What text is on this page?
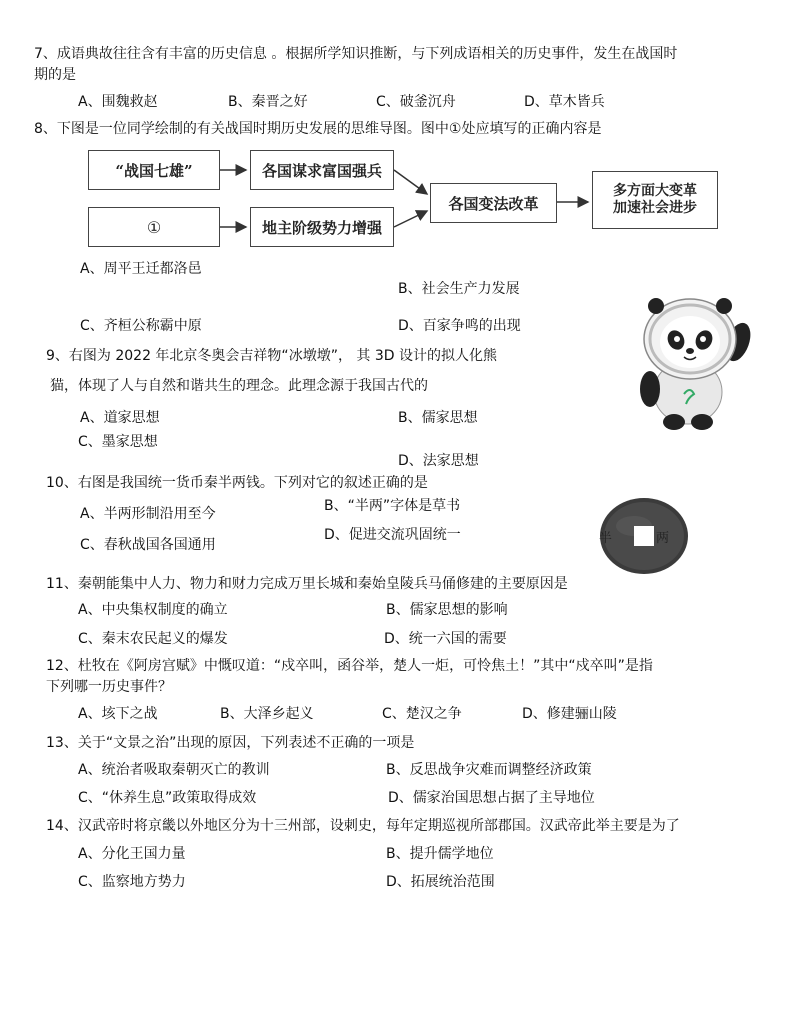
7、成语典故往往含有丰富的历史信息 。根据所学知识推断，与下列成语相关的历史事件，发生在战国时
期的是
A、围魏救赵	B、秦晋之好	C、破釜沉舟	D、草木皆兵
8、下图是一位同学绘制的有关战国时期历史发展的思维导图。图中①处应填写的正确内容是
“战国七雄”
①
各国谋求富国强兵
地主阶级势力增强
各国变法改革
多方面大变革
加速社会进步
A、周平王迁都洛邑
B、社会生产力发展
C、齐桓公称霸中原	D、百家争鸣的出现
9、右图为 2022 年北京冬奥会吉祥物“冰墩墩”， 其 3D 设计的拟人化熊
猫，体现了人与自然和谐共生的理念。此理念源于我国古代的
A、道家思想	B、儒家思想
C、墨家思想
D、法家思想
10、右图是我国统一货币秦半两钱。下列对它的叙述正确的是
B、“半两”字体是草书
A、半两形制沿用至今
D、促进交流巩固统一
C、春秋战国各国通用	半 两
11、秦朝能集中人力、物力和财力完成万里长城和秦始皇陵兵马俑修建的主要原因是
A、中央集权制度的确立	B、儒家思想的影响
C、秦末农民起义的爆发	D、统一六国的需要
12、杜牧在《阿房宫赋》中慨叹道：“戍卒叫，函谷举，楚人一炬，可怜焦土！”其中“戍卒叫”是指
下列哪一历史事件？
A、垓下之战	B、大泽乡起义	C、楚汉之争	D、修建骊山陵
13、关于“文景之治”出现的原因，下列表述不正确的一项是
A、统治者吸取秦朝灭亡的教训	B、反思战争灾难而调整经济政策
C、“休养生息”政策取得成效	D、儒家治国思想占据了主导地位
14、汉武帝时将京畿以外地区分为十三州部，设刺史，每年定期巡视所部郡国。汉武帝此举主要是为了
A、分化王国力量	B、提升儒学地位
C、监察地方势力	D、拓展统治范围
